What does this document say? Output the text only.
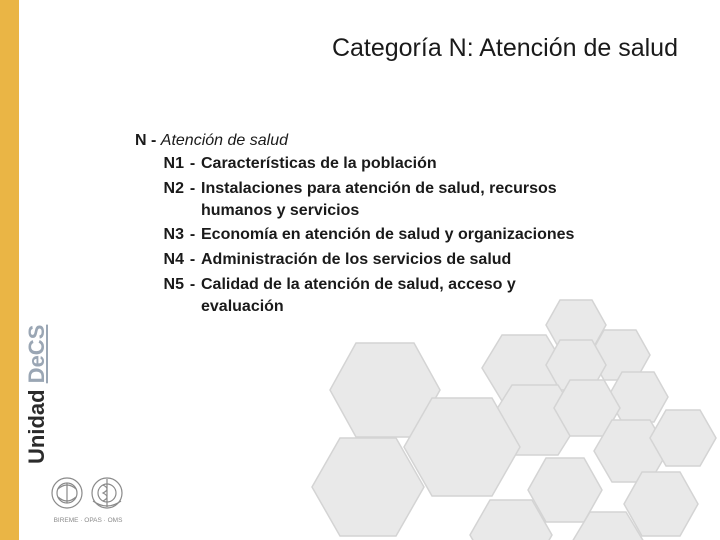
Unidad DeCS
Categoría N: Atención de salud
N - Atención de salud
N1 - Características de la población
N2 - Instalaciones para atención de salud, recursos
humanos y servicios
N3 - Economía en atención de salud y organizaciones
N4 - Administración de los servicios de salud
N5 - Calidad de la atención de salud, acceso y
evaluación
BIREME · OPAS · OMS
